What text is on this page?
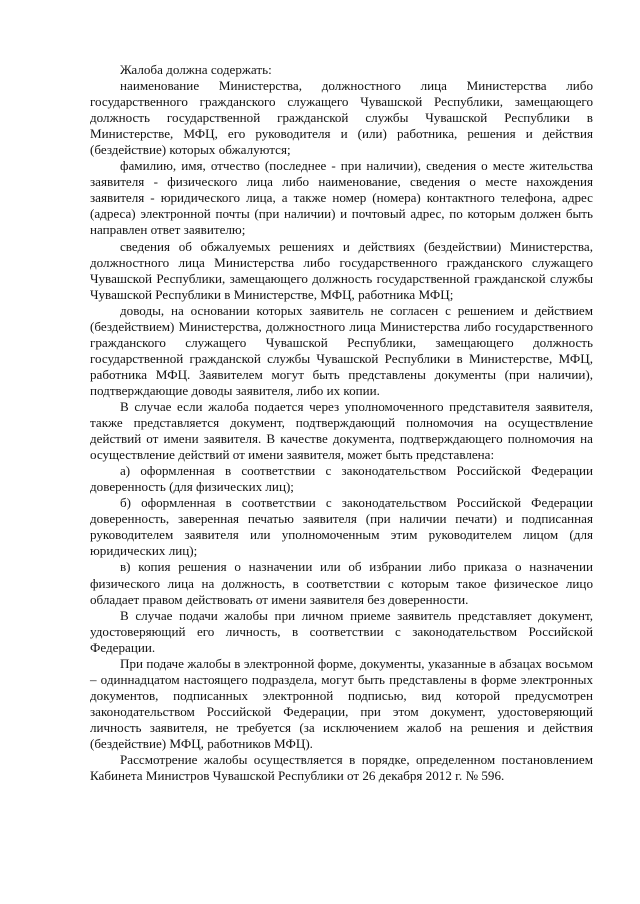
Жалоба должна содержать:

наименование Министерства, должностного лица Министерства либо государственного гражданского служащего Чувашской Республики, замещающего должность государственной гражданской службы Чувашской Республики в Министерстве, МФЦ, его руководителя и (или) работника, решения и действия (бездействие) которых обжалуются;

фамилию, имя, отчество (последнее - при наличии), сведения о месте жительства заявителя - физического лица либо наименование, сведения о месте нахождения заявителя - юридического лица, а также номер (номера) контактного телефона, адрес (адреса) электронной почты (при наличии) и почтовый адрес, по которым должен быть направлен ответ заявителю;

сведения об обжалуемых решениях и действиях (бездействии) Министерства, должностного лица Министерства либо государственного гражданского служащего Чувашской Республики, замещающего должность государственной гражданской службы Чувашской Республики в Министерстве, МФЦ, работника МФЦ;

доводы, на основании которых заявитель не согласен с решением и действием (бездействием) Министерства, должностного лица Министерства либо государственного гражданского служащего Чувашской Республики, замещающего должность государственной гражданской службы Чувашской Республики в Министерстве, МФЦ, работника МФЦ. Заявителем могут быть представлены документы (при наличии), подтверждающие доводы заявителя, либо их копии.

В случае если жалоба подается через уполномоченного представителя заявителя, также представляется документ, подтверждающий полномочия на осуществление действий от имени заявителя. В качестве документа, подтверждающего полномочия на осуществление действий от имени заявителя, может быть представлена:

а) оформленная в соответствии с законодательством Российской Федерации доверенность (для физических лиц);

б) оформленная в соответствии с законодательством Российской Федерации доверенность, заверенная печатью заявителя (при наличии печати) и подписанная руководителем заявителя или уполномоченным этим руководителем лицом (для юридических лиц);

в) копия решения о назначении или об избрании либо приказа о назначении физического лица на должность, в соответствии с которым такое физическое лицо обладает правом действовать от имени заявителя без доверенности.

В случае подачи жалобы при личном приеме заявитель представляет документ, удостоверяющий его личность, в соответствии с законодательством Российской Федерации.

При подаче жалобы в электронной форме, документы, указанные в абзацах восьмом – одиннадцатом настоящего подраздела, могут быть представлены в форме электронных документов, подписанных электронной подписью, вид которой предусмотрен законодательством Российской Федерации, при этом документ, удостоверяющий личность заявителя, не требуется (за исключением жалоб на решения и действия (бездействие) МФЦ, работников МФЦ).

Рассмотрение жалобы осуществляется в порядке, определенном постановлением Кабинета Министров Чувашской Республики от 26 декабря 2012 г. № 596.
